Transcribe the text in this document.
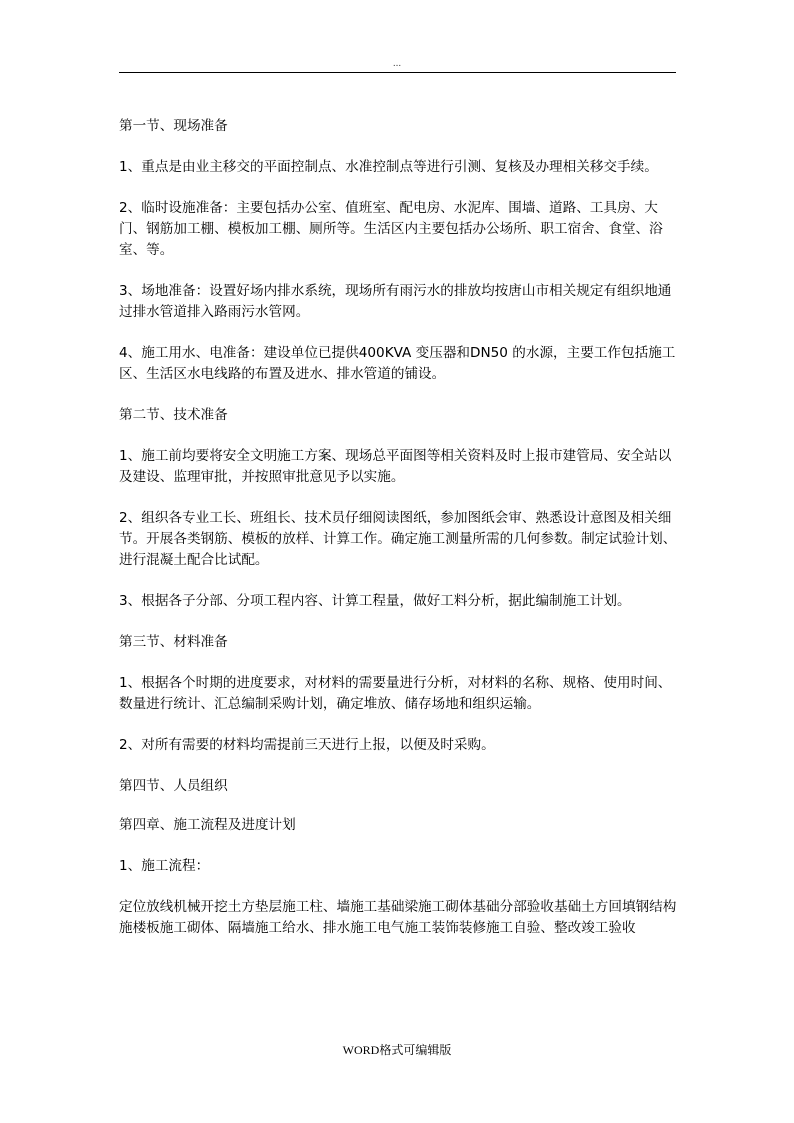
...

第一节、现场准备

1、重点是由业主移交的平面控制点、水准控制点等进行引测、复核及办理相关移交手续。

2、临时设施准备：主要包括办公室、值班室、配电房、水泥库、围墙、道路、工具房、大门、钢筋加工棚、模板加工棚、厕所等。生活区内主要包括办公场所、职工宿舍、食堂、浴室、等。

3、场地准备：设置好场内排水系统，现场所有雨污水的排放均按唐山市相关规定有组织地通过排水管道排入路雨污水管网。

4、施工用水、电准备：建设单位已提供400KVA 变压器和DN50 的水源，主要工作包括施工区、生活区水电线路的布置及进水、排水管道的铺设。

第二节、技术准备

1、施工前均要将安全文明施工方案、现场总平面图等相关资料及时上报市建管局、安全站以及建设、监理审批，并按照审批意见予以实施。

2、组织各专业工长、班组长、技术员仔细阅读图纸，参加图纸会审、熟悉设计意图及相关细节。开展各类钢筋、模板的放样、计算工作。确定施工测量所需的几何参数。制定试验计划、进行混凝土配合比试配。

3、根据各子分部、分项工程内容、计算工程量，做好工料分析，据此编制施工计划。

第三节、材料准备

1、根据各个时期的进度要求，对材料的需要量进行分析，对材料的名称、规格、使用时间、数量进行统计、汇总编制采购计划，确定堆放、储存场地和组织运输。

2、对所有需要的材料均需提前三天进行上报，以便及时采购。

第四节、人员组织

第四章、施工流程及进度计划

1、施工流程：

定位放线机械开挖土方垫层施工柱、墙施工基础梁施工砌体基础分部验收基础土方回填钢结构施楼板施工砌体、隔墙施工给水、排水施工电气施工装饰装修施工自验、整改竣工验收

WORD格式可编辑版
